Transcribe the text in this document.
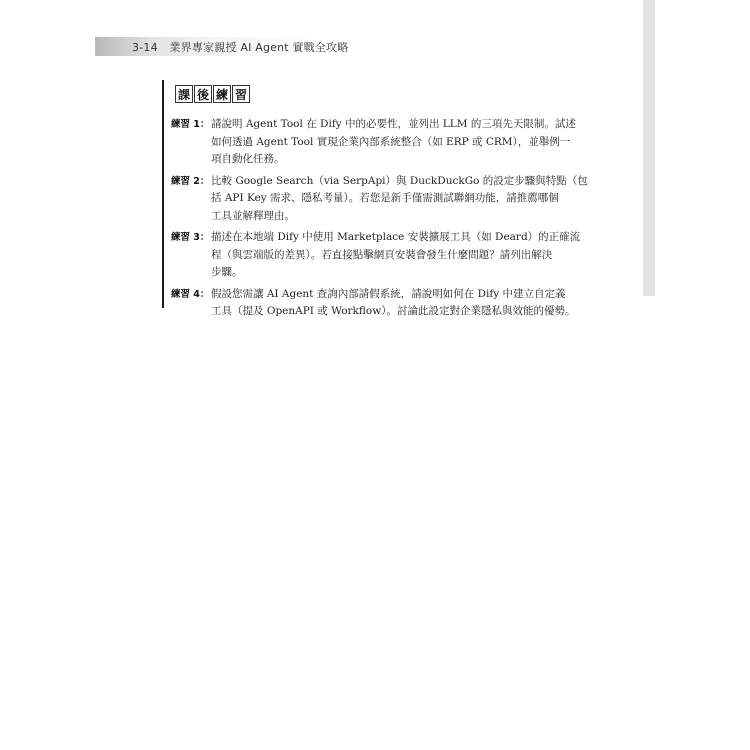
3-14 業界專家親授 AI Agent 實戰全攻略
課 後 練 習
練習 1： 請說明 Agent Tool 在 Dify 中的必要性，並列出 LLM 的三項先天限制。試述
如何透過 Agent Tool 實現企業內部系統整合（如 ERP 或 CRM），並舉例一
項自動化任務。
練習 2： 比較 Google Search（via SerpApi）與 DuckDuckGo 的設定步驟與特點（包
括 API Key 需求、隱私考量）。若您是新手僅需測試聯網功能，請推薦哪個
工具並解釋理由。
練習 3： 描述在本地端 Dify 中使用 Marketplace 安裝擴展工具（如 Deard）的正確流
程（與雲端版的差異）。若直接點擊網頁安裝會發生什麼問題？請列出解決
步驟。
練習 4： 假設您需讓 AI Agent 查詢內部請假系統，請說明如何在 Dify 中建立自定義
工具（提及 OpenAPI 或 Workflow）。討論此設定對企業隱私與效能的優勢。
